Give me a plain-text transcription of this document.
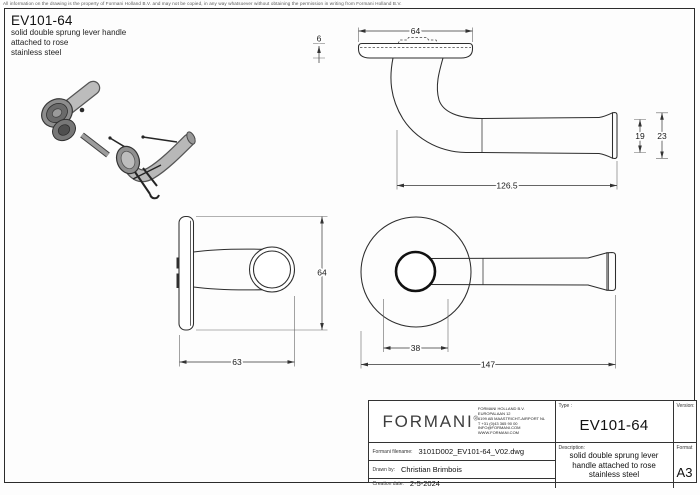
All information on the drawing is the property of Formani Holland B.V. and may not be copied, in any way whatsoever without obtaining the permission in writing from Formani Holland B.V.
EV101-64
solid double sprung lever handle
attached to rose
stainless steel
64
6
19 23
126.5
64
63
38
147
FORMANI®
FORMANI HOLLAND B.V.
EUROPALAAN 12
6199 AB MAASTRICHT-AIRPORT NL
T +31 (0)43 365 90 00
INFO@FORMANI.COM
WWW.FORMANI.COM
Type :
EV101-64
Version:
Formani filename: 3101D002_EV101-64_V02.dwg
Drawn by: Christian Brimbois
Creation date: 2-5-2024
Description:
solid double sprung lever handle attached to rose stainless steel
Format
A3
